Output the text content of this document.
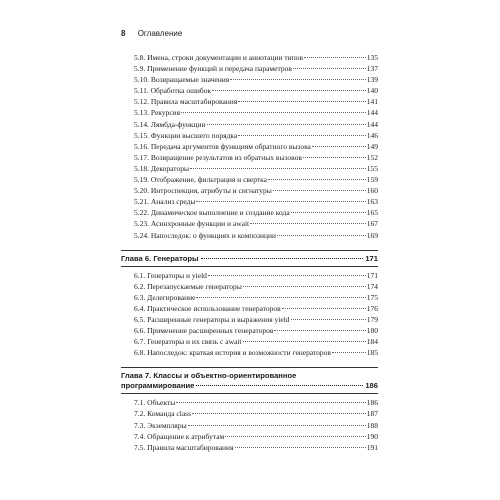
8 Оглавление
5.8. Имена, строки документации и аннотации типов	135
5.9. Применение функций и передача параметров	137
5.10. Возвращаемые значения	139
5.11. Обработка ошибок	140
5.12. Правила масштабирования	141
5.13. Рекурсия	144
5.14. Лямбда-функции	144
5.15. Функции высшего порядка	146
5.16. Передача аргументов функциям обратного вызова	149
5.17. Возвращение результатов из обратных вызовов	152
5.18. Декораторы	155
5.19. Отображение, фильтрация и свертка	159
5.20. Интроспекция, атрибуты и сигнатуры	160
5.21. Анализ среды	163
5.22. Динамическое выполнение и создание кода	165
5.23. Асинхронные функции и await	167
5.24. Напоследок: о функциях и композиции	169
Глава 6. Генераторы	171
6.1. Генераторы и yield	171
6.2. Перезапускаемые генераторы	174
6.3. Делегирование	175
6.4. Практическое использование генераторов	176
6.5. Расширенные генераторы и выражения yield	179
6.6. Применение расширенных генераторов	180
6.7. Генераторы и их связь с await	184
6.8. Напоследок: краткая история и возможности генераторов	185
Глава 7. Классы и объектно-ориентированное
программирование	186
7.1. Объекты	186
7.2. Команда class	187
7.3. Экземпляры	188
7.4. Обращение к атрибутам	190
7.5. Правила масштабирования	191
